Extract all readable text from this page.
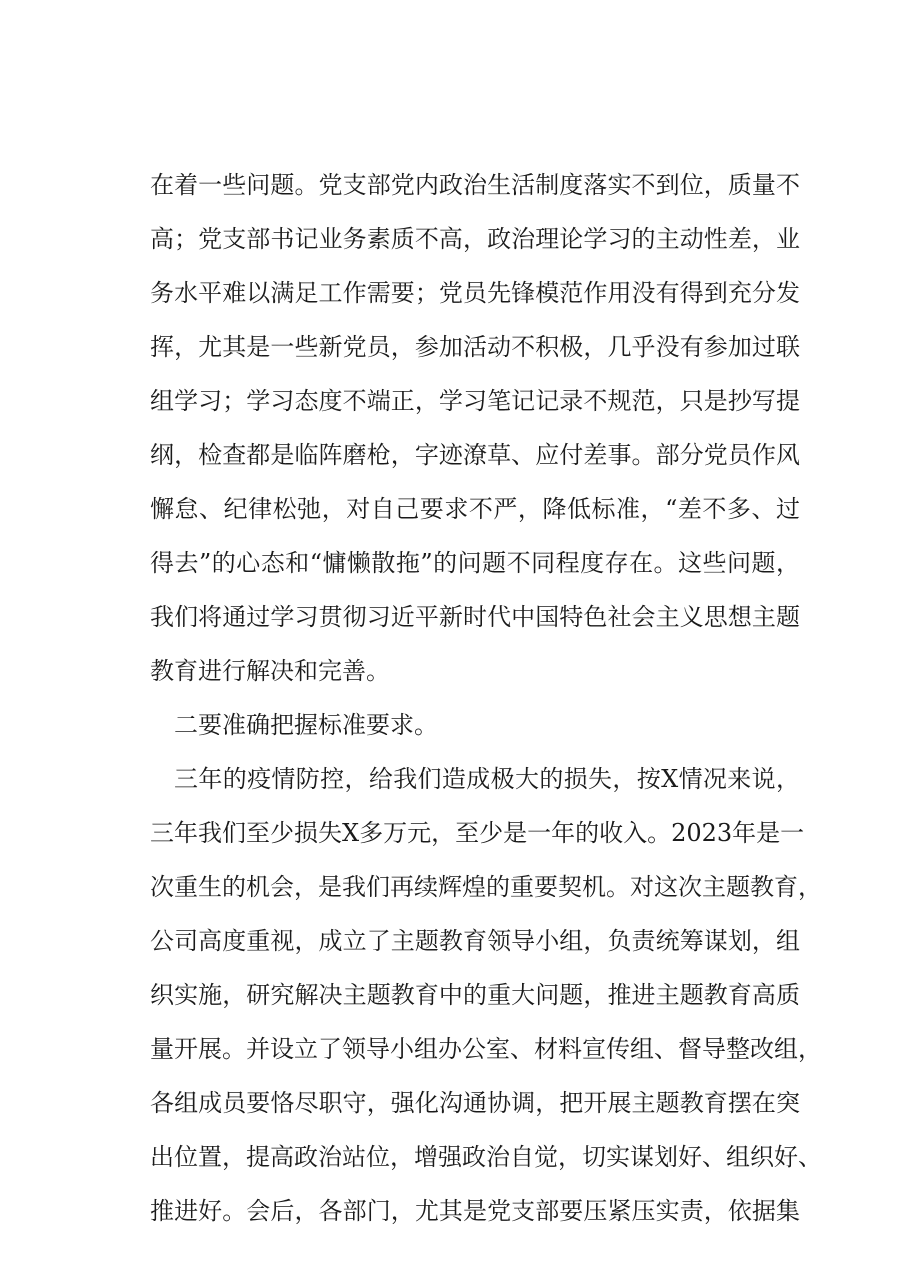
在着一些问题。党支部党内政治生活制度落实不到位，质量不
高；党支部书记业务素质不高，政治理论学习的主动性差，业
务水平难以满足工作需要；党员先锋模范作用没有得到充分发
挥，尤其是一些新党员，参加活动不积极，几乎没有参加过联
组学习；学习态度不端正，学习笔记记录不规范，只是抄写提
纲，检查都是临阵磨枪，字迹潦草、应付差事。部分党员作风
懈怠、纪律松弛，对自己要求不严，降低标准，“差不多、过
得去”的心态和“慵懒散拖”的问题不同程度存在。这些问题，
我们将通过学习贯彻习近平新时代中国特色社会主义思想主题
教育进行解决和完善。
二要准确把握标准要求。
三年的疫情防控，给我们造成极大的损失，按X情况来说，
三年我们至少损失X多万元，至少是一年的收入。2023年是一
次重生的机会，是我们再续辉煌的重要契机。对这次主题教育，
公司高度重视，成立了主题教育领导小组，负责统筹谋划，组
织实施，研究解决主题教育中的重大问题，推进主题教育高质
量开展。并设立了领导小组办公室、材料宣传组、督导整改组，
各组成员要恪尽职守，强化沟通协调，把开展主题教育摆在突
出位置，提高政治站位，增强政治自觉，切实谋划好、组织好、
推进好。会后，各部门，尤其是党支部要压紧压实责，依据集
